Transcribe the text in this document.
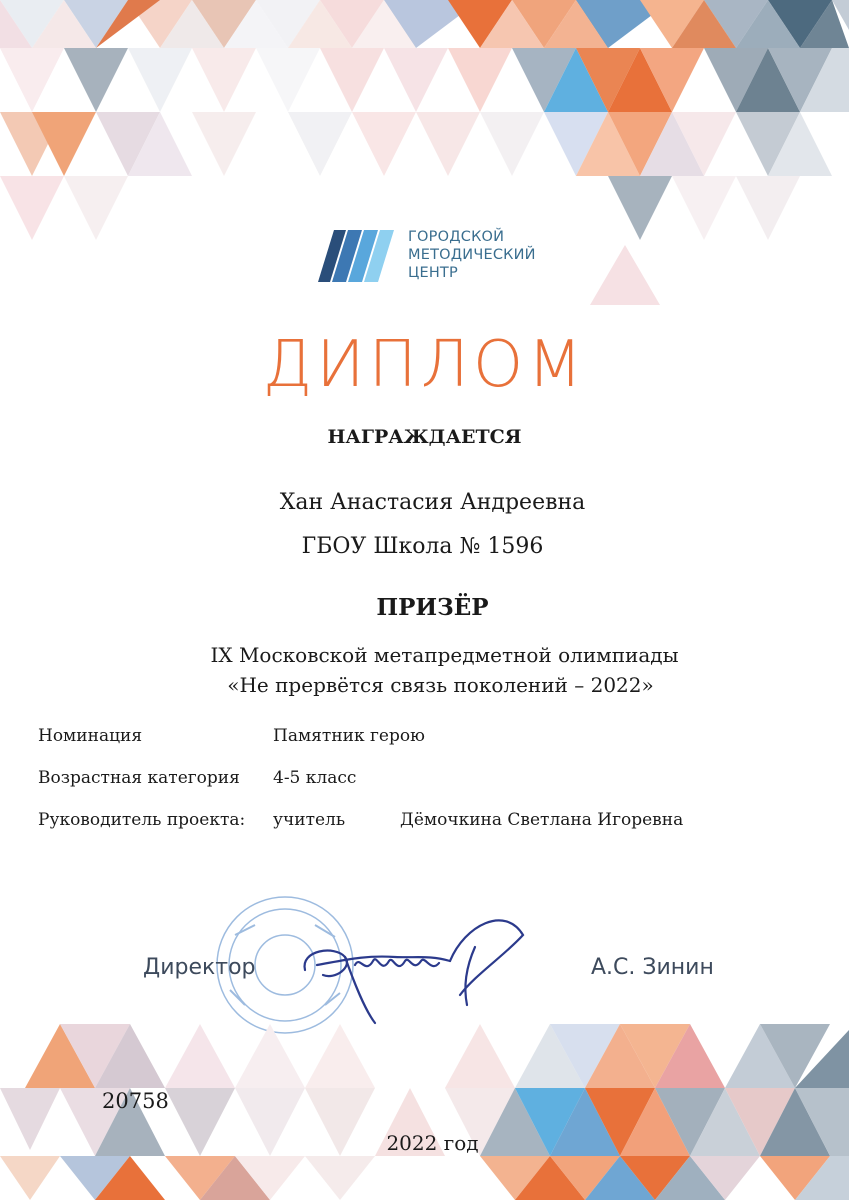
ГОРОДСКОЙ
МЕТОДИЧЕСКИЙ
ЦЕНТР
ДИПЛОМ
НАГРАЖДАЕТСЯ
Хан Анастасия Андреевна
ГБОУ Школа № 1596
ПРИЗЁР
IX Московской метапредметной олимпиады
«Не прервётся связь поколений – 2022»
Номинация	Памятник герою
Возрастная категория 4-5 класс
Руководитель проекта: учитель	Дёмочкина Светлана Игоревна
Директор	А.С. Зинин
20758
2022 год
